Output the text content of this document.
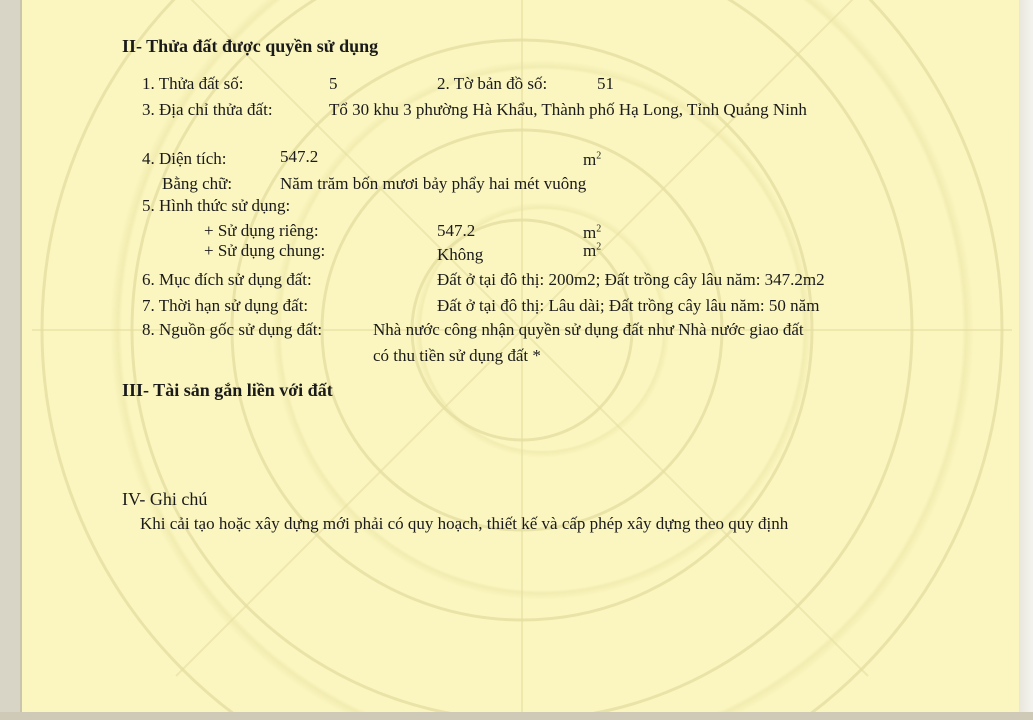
II- Thửa đất được quyền sử dụng
1. Thửa đất số:	5	2. Tờ bản đồ số:	51
3. Địa chỉ thửa đất:	Tổ 30 khu 3 phường Hà Khẩu, Thành phố Hạ Long, Tỉnh Quảng Ninh
4. Diện tích:	547.2	$m^2$
Bằng chữ:	Năm trăm bốn mươi bảy phẩy hai mét vuông
5. Hình thức sử dụng:
+ Sử dụng riêng:	547.2	$m^2$
+ Sử dụng chung:	Không	$m^2$
6. Mục đích sử dụng đất:	Đất ở tại đô thị: 200m2; Đất trồng cây lâu năm: 347.2m2
7. Thời hạn sử dụng đất:	Đất ở tại đô thị: Lâu dài; Đất trồng cây lâu năm: 50 năm
8. Nguồn gốc sử dụng đất:	Nhà nước công nhận quyền sử dụng đất như Nhà nước giao đất
có thu tiền sử dụng đất *
III- Tài sản gắn liền với đất
IV- Ghi chú
Khi cải tạo hoặc xây dựng mới phải có quy hoạch, thiết kế và cấp phép xây dựng theo quy định
